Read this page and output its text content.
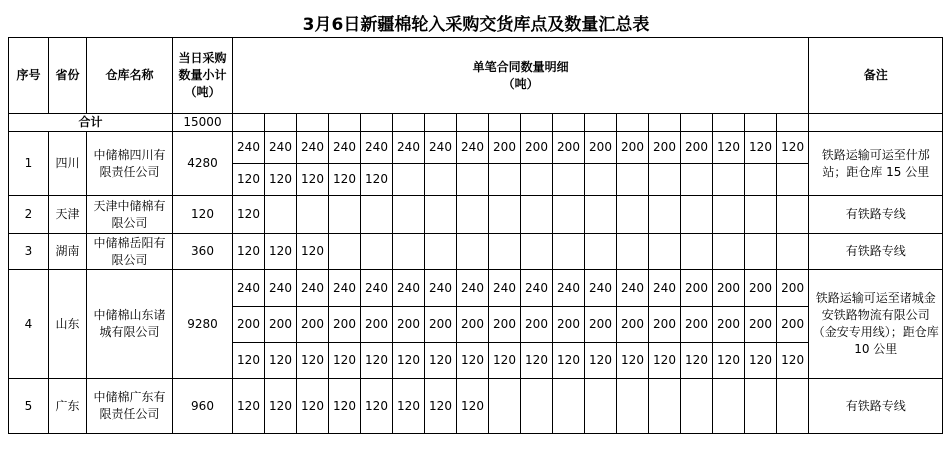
3月6日新疆棉轮入采购交货库点及数量汇总表
序号	省份	仓库名称	当日采购数量小计（吨）	单笔合同数量明细
（吨）																		备注
合计			15000																			
1	四川	中储棉四川有限责任公司	4280	240	240	240	240	240	240	240	240	200	200	200	200	200	200	200	120	120	120	铁路运输可运至什邡站；距仓库 15 公里
				120	120	120	120	120														
2	天津	天津中储棉有限公司	120	120																		有铁路专线
3	湖南	中储棉岳阳有限公司	360	120	120	120																有铁路专线
4	山东	中储棉山东诸城有限公司	9280	240	240	240	240	240	240	240	240	240	240	240	240	240	240	200	200	200	200	铁路运输可运至诸城金安铁路物流有限公司（金安专用线）；距仓库 10 公里
				200	200	200	200	200	200	200	200	200	200	200	200	200	200	200	200	200	200	
				120	120	120	120	120	120	120	120	120	120	120	120	120	120	120	120	120	120	
5	广东	中储棉广东有限责任公司	960	120	120	120	120	120	120	120	120											有铁路专线
